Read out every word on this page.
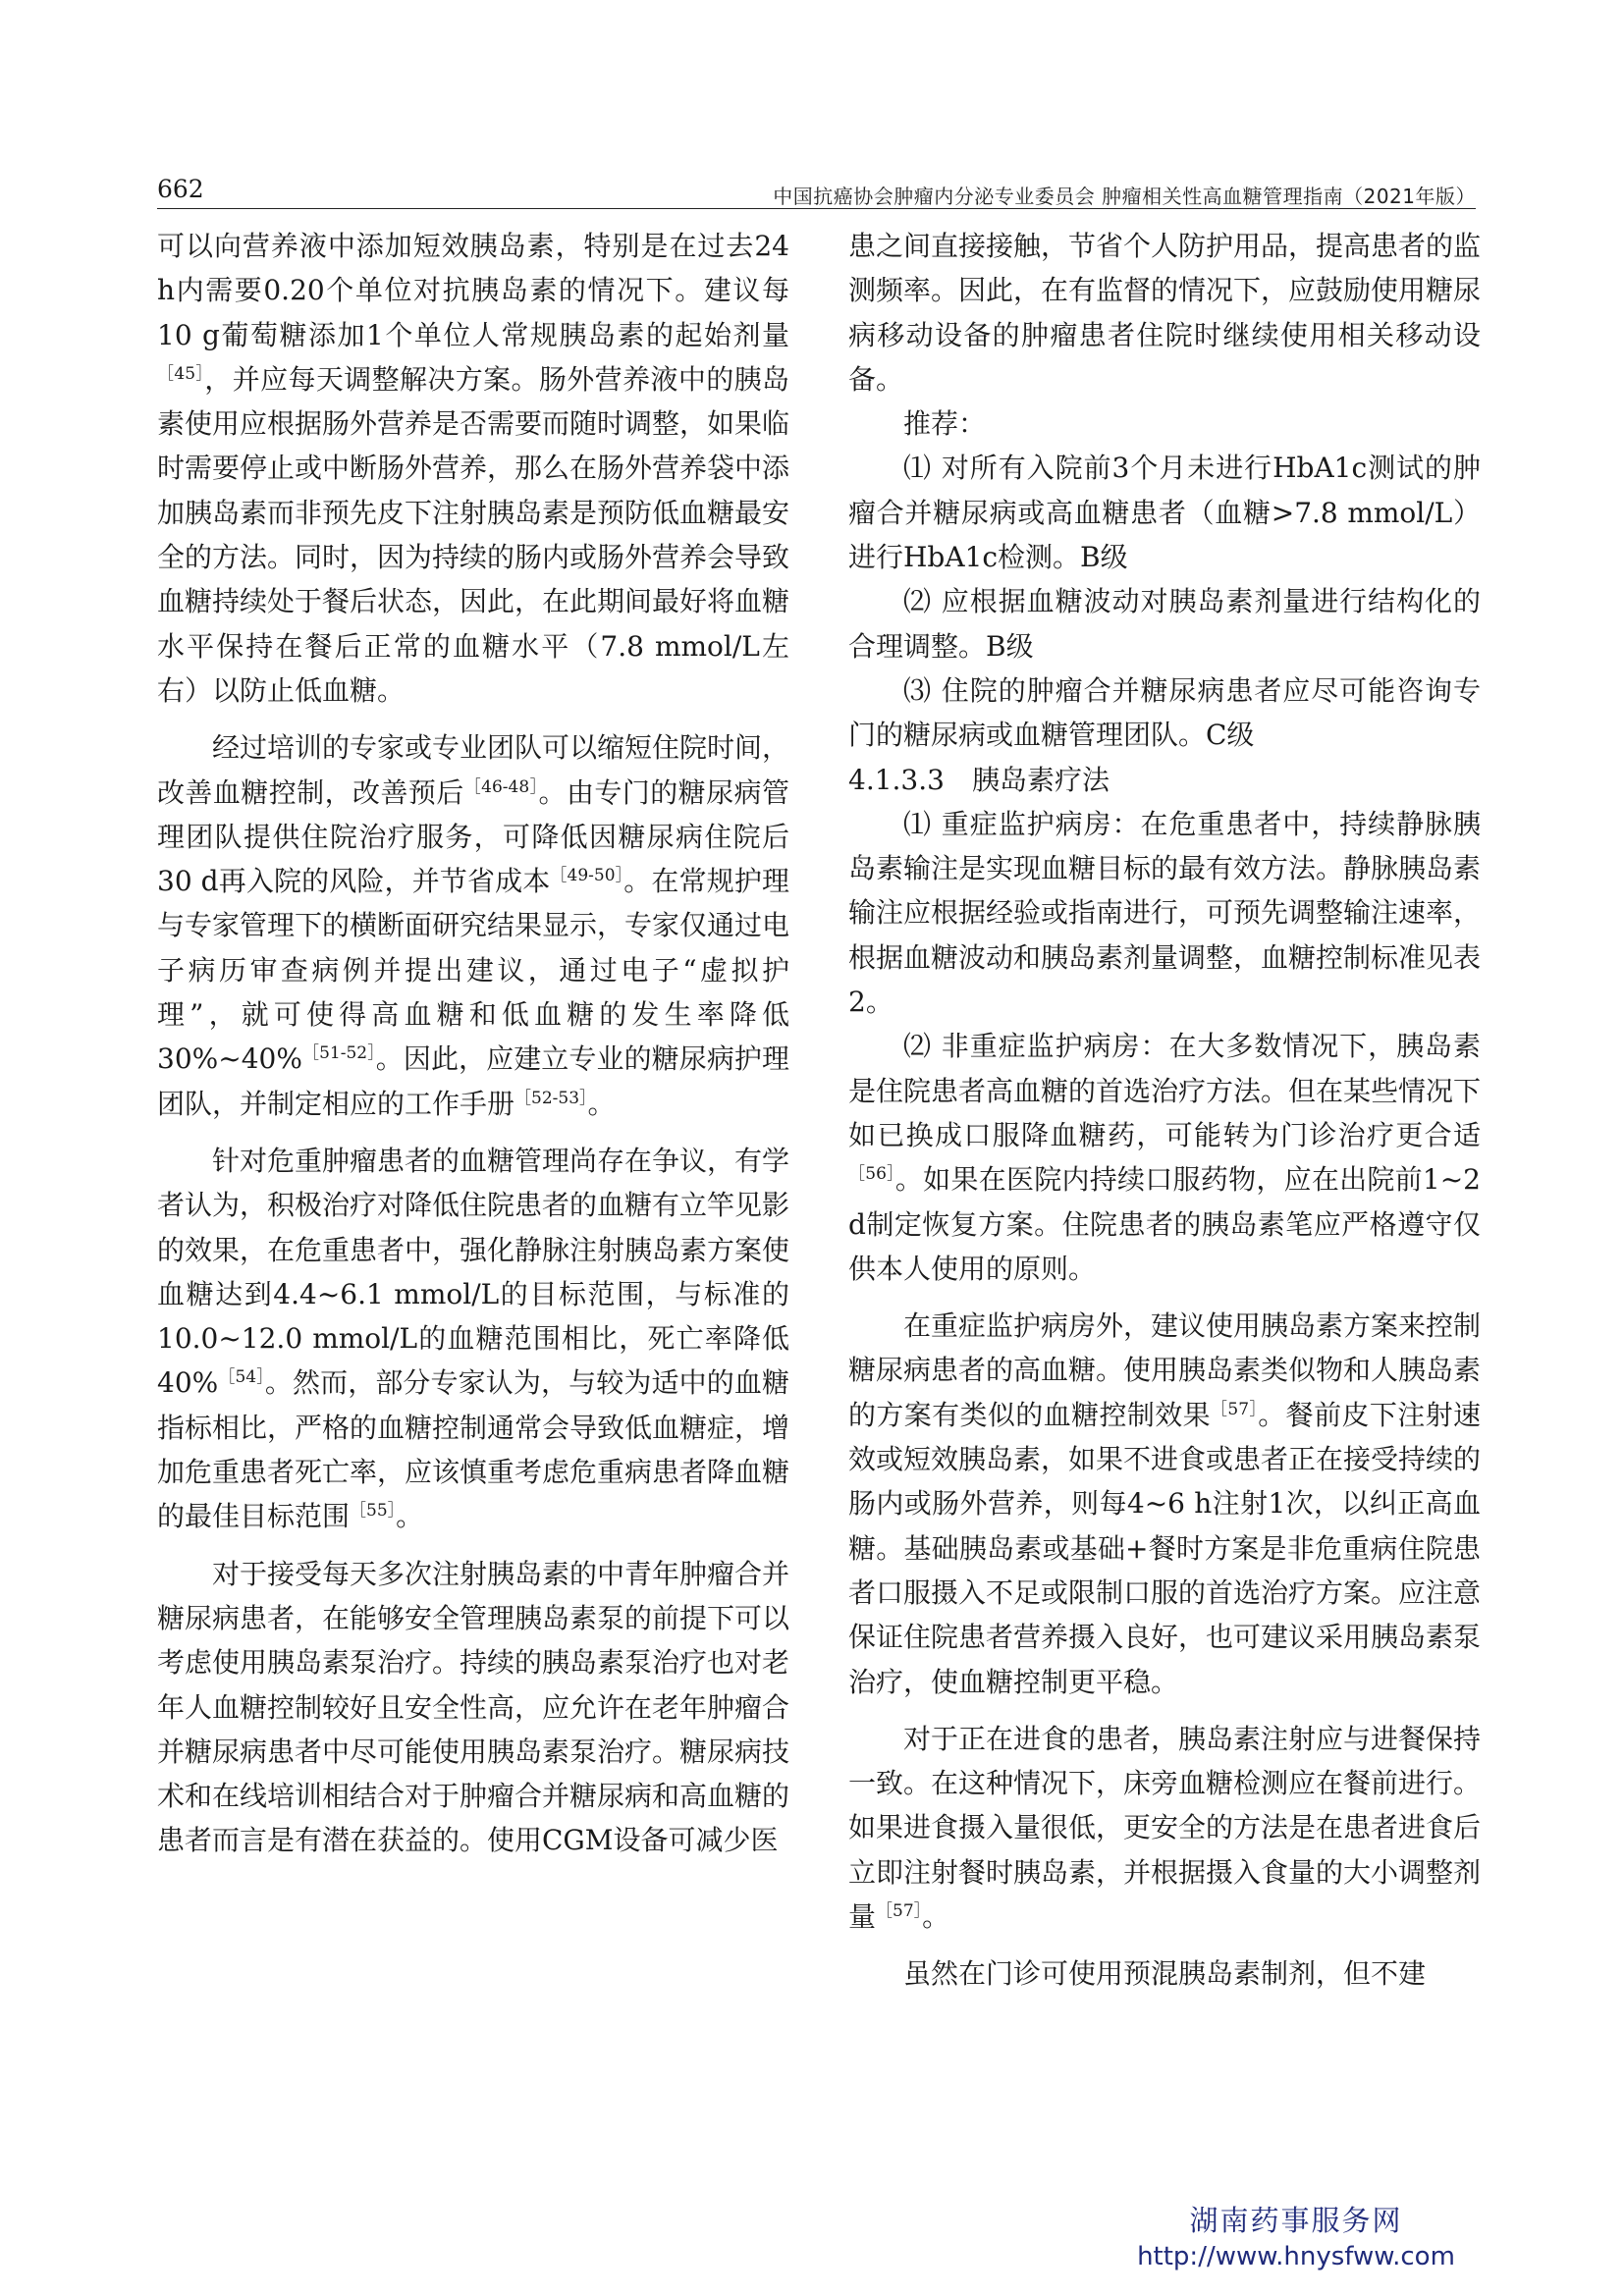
662	中国抗癌协会肿瘤内分泌专业委员会 肿瘤相关性高血糖管理指南（2021年版）

可以向营养液中添加短效胰岛素，特别是在过去24 h内需要0.20个单位对抗胰岛素的情况下。建议每10 g葡萄糖添加1个单位人常规胰岛素的起始剂量$^{[45]}$，并应每天调整解决方案。肠外营养液中的胰岛素使用应根据肠外营养是否需要而随时调整，如果临时需要停止或中断肠外营养，那么在肠外营养袋中添加胰岛素而非预先皮下注射胰岛素是预防低血糖最安全的方法。同时，因为持续的肠内或肠外营养会导致血糖持续处于餐后状态，因此，在此期间最好将血糖水平保持在餐后正常的血糖水平（7.8 mmol/L左右）以防止低血糖。

经过培训的专家或专业团队可以缩短住院时间，改善血糖控制，改善预后$^{[46-48]}$。由专门的糖尿病管理团队提供住院治疗服务，可降低因糖尿病住院后30 d再入院的风险，并节省成本$^{[49-50]}$。在常规护理与专家管理下的横断面研究结果显示，专家仅通过电子病历审查病例并提出建议，通过电子“虚拟护理”，就可使得高血糖和低血糖的发生率降低30%~40%$^{[51-52]}$。因此，应建立专业的糖尿病护理团队，并制定相应的工作手册$^{[52-53]}$。

针对危重肿瘤患者的血糖管理尚存在争议，有学者认为，积极治疗对降低住院患者的血糖有立竿见影的效果，在危重患者中，强化静脉注射胰岛素方案使血糖达到4.4~6.1 mmol/L的目标范围，与标准的10.0~12.0 mmol/L的血糖范围相比，死亡率降低40%$^{[54]}$。然而，部分专家认为，与较为适中的血糖指标相比，严格的血糖控制通常会导致低血糖症，增加危重患者死亡率，应该慎重考虑危重病患者降血糖的最佳目标范围$^{[55]}$。

对于接受每天多次注射胰岛素的中青年肿瘤合并糖尿病患者，在能够安全管理胰岛素泵的前提下可以考虑使用胰岛素泵治疗。持续的胰岛素泵治疗也对老年人血糖控制较好且安全性高，应允许在老年肿瘤合并糖尿病患者中尽可能使用胰岛素泵治疗。糖尿病技术和在线培训相结合对于肿瘤合并糖尿病和高血糖的患者而言是有潜在获益的。使用CGM设备可减少医

患之间直接接触，节省个人防护用品，提高患者的监测频率。因此，在有监督的情况下，应鼓励使用糖尿病移动设备的肿瘤患者住院时继续使用相关移动设备。

推荐：

⑴ 对所有入院前3个月未进行HbA1c测试的肿瘤合并糖尿病或高血糖患者（血糖>7.8 mmol/L）进行HbA1c检测。B级

⑵ 应根据血糖波动对胰岛素剂量进行结构化的合理调整。B级

⑶ 住院的肿瘤合并糖尿病患者应尽可能咨询专门的糖尿病或血糖管理团队。C级

4.1.3.3　胰岛素疗法

⑴ 重症监护病房：在危重患者中，持续静脉胰岛素输注是实现血糖目标的最有效方法。静脉胰岛素输注应根据经验或指南进行，可预先调整输注速率，根据血糖波动和胰岛素剂量调整，血糖控制标准见表2。

⑵ 非重症监护病房：在大多数情况下，胰岛素是住院患者高血糖的首选治疗方法。但在某些情况下如已换成口服降血糖药，可能转为门诊治疗更合适$^{[56]}$。如果在医院内持续口服药物，应在出院前1~2 d制定恢复方案。住院患者的胰岛素笔应严格遵守仅供本人使用的原则。

在重症监护病房外，建议使用胰岛素方案来控制糖尿病患者的高血糖。使用胰岛素类似物和人胰岛素的方案有类似的血糖控制效果$^{[57]}$。餐前皮下注射速效或短效胰岛素，如果不进食或患者正在接受持续的肠内或肠外营养，则每4~6 h注射1次，以纠正高血糖。基础胰岛素或基础+餐时方案是非危重病住院患者口服摄入不足或限制口服的首选治疗方案。应注意保证住院患者营养摄入良好，也可建议采用胰岛素泵治疗，使血糖控制更平稳。

对于正在进食的患者，胰岛素注射应与进餐保持一致。在这种情况下，床旁血糖检测应在餐前进行。如果进食摄入量很低，更安全的方法是在患者进食后立即注射餐时胰岛素，并根据摄入食量的大小调整剂量$^{[57]}$。

虽然在门诊可使用预混胰岛素制剂，但不建

湖南药事服务网
http://www.hnysfww.com
